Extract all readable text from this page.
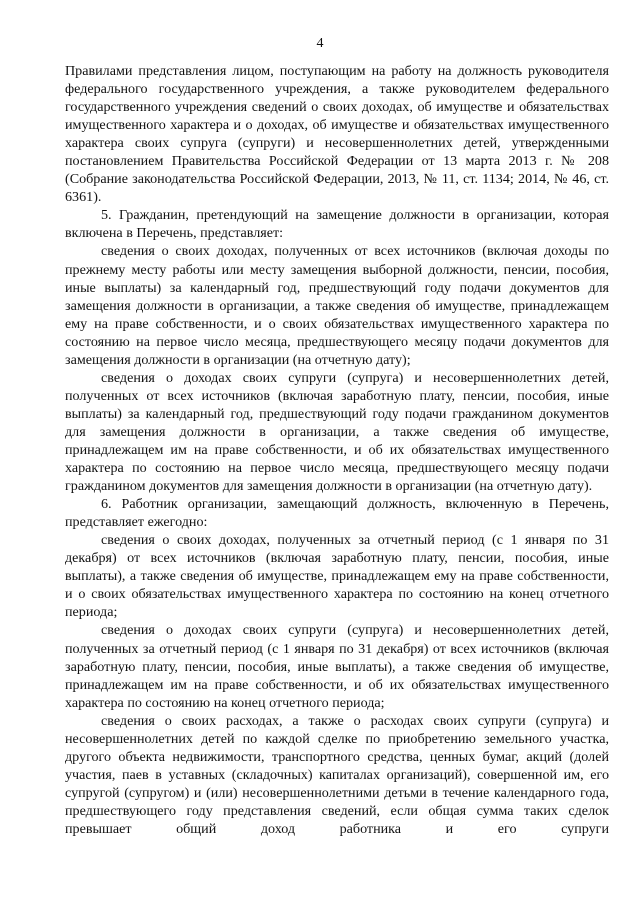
4

Правилами представления лицом, поступающим на работу на должность руководителя федерального государственного учреждения, а также руководителем федерального государственного учреждения сведений о своих доходах, об имуществе и обязательствах имущественного характера и о доходах, об имуществе и обязательствах имущественного характера своих супруга (супруги) и несовершеннолетних детей, утвержденными постановлением Правительства Российской Федерации от 13 марта 2013 г. № 208 (Собрание законодательства Российской Федерации, 2013, № 11, ст. 1134; 2014, № 46, ст. 6361).

5. Гражданин, претендующий на замещение должности в организации, которая включена в Перечень, представляет:

сведения о своих доходах, полученных от всех источников (включая доходы по прежнему месту работы или месту замещения выборной должности, пенсии, пособия, иные выплаты) за календарный год, предшествующий году подачи документов для замещения должности в организации, а также сведения об имуществе, принадлежащем ему на праве собственности, и о своих обязательствах имущественного характера по состоянию на первое число месяца, предшествующего месяцу подачи документов для замещения должности в организации (на отчетную дату);

сведения о доходах своих супруги (супруга) и несовершеннолетних детей, полученных от всех источников (включая заработную плату, пенсии, пособия, иные выплаты) за календарный год, предшествующий году подачи гражданином документов для замещения должности в организации, а также сведения об имуществе, принадлежащем им на праве собственности, и об их обязательствах имущественного характера по состоянию на первое число месяца, предшествующего месяцу подачи гражданином документов для замещения должности в организации (на отчетную дату).

6. Работник организации, замещающий должность, включенную в Перечень, представляет ежегодно:

сведения о своих доходах, полученных за отчетный период (с 1 января по 31 декабря) от всех источников (включая заработную плату, пенсии, пособия, иные выплаты), а также сведения об имуществе, принадлежащем ему на праве собственности, и о своих обязательствах имущественного характера по состоянию на конец отчетного периода;

сведения о доходах своих супруги (супруга) и несовершеннолетних детей, полученных за отчетный период (с 1 января по 31 декабря) от всех источников (включая заработную плату, пенсии, пособия, иные выплаты), а также сведения об имуществе, принадлежащем им на праве собственности, и об их обязательствах имущественного характера по состоянию на конец отчетного периода;

сведения о своих расходах, а также о расходах своих супруги (супруга) и несовершеннолетних детей по каждой сделке по приобретению земельного участка, другого объекта недвижимости, транспортного средства, ценных бумаг, акций (долей участия, паев в уставных (складочных) капиталах организаций), совершенной им, его супругой (супругом) и (или) несовершеннолетними детьми в течение календарного года, предшествующего году представления сведений, если общая сумма таких сделок превышает общий доход работника и его супруги
